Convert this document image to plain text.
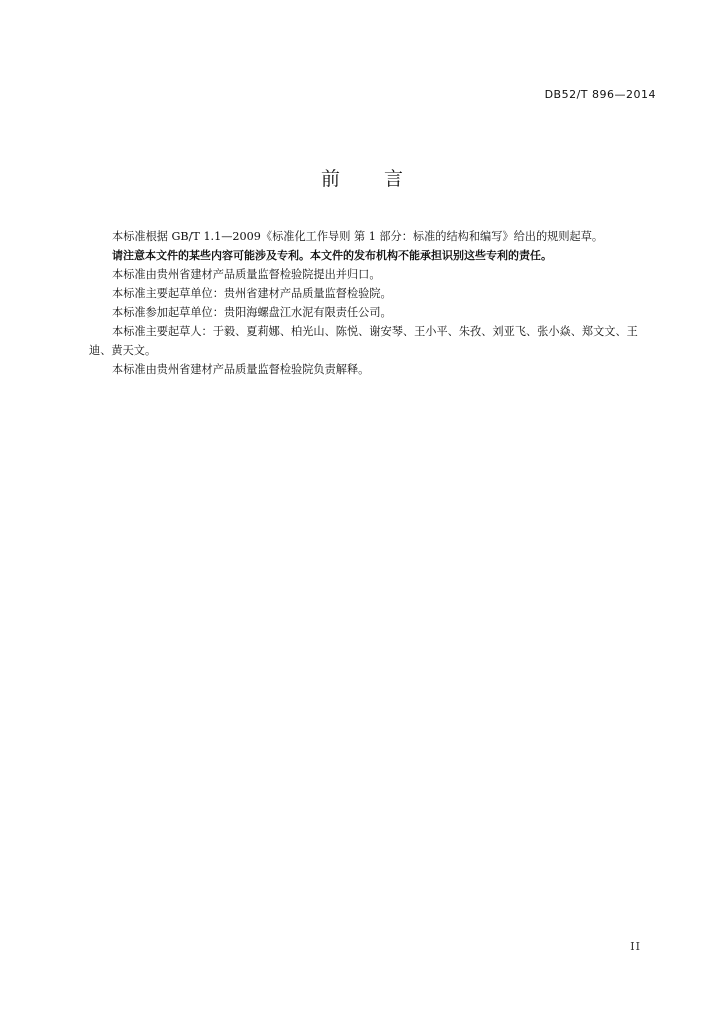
DB52/T 896—2014
前 言

本标准根据 GB/T 1.1—2009《标准化工作导则 第 1 部分：标准的结构和编写》给出的规则起草。

请注意本文件的某些内容可能涉及专利。本文件的发布机构不能承担识别这些专利的责任。

本标准由贵州省建材产品质量监督检验院提出并归口。

本标准主要起草单位：贵州省建材产品质量监督检验院。

本标准参加起草单位：贵阳海螺盘江水泥有限责任公司。

本标准主要起草人：于毅、夏莉娜、柏光山、陈悦、谢安琴、王小平、朱孜、刘亚飞、张小焱、郑文文、王迪、黄天文。

本标准由贵州省建材产品质量监督检验院负责解释。

II
